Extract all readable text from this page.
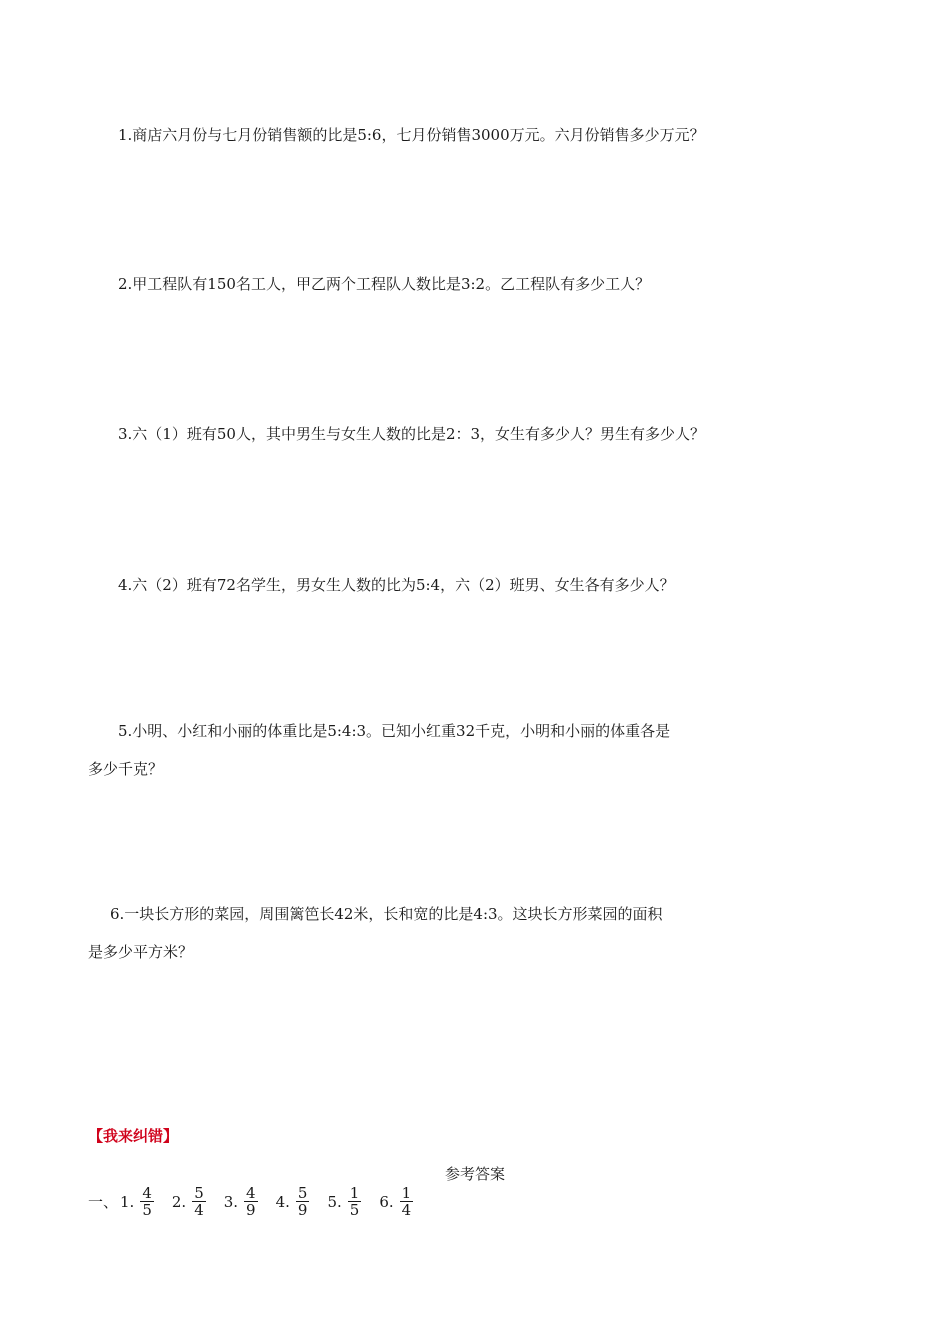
1.商店六月份与七月份销售额的比是5:6，七月份销售3000万元。六月份销售多少万元？
2.甲工程队有150名工人，甲乙两个工程队人数比是3:2。乙工程队有多少工人？
3.六（1）班有50人，其中男生与女生人数的比是2：3，女生有多少人？男生有多少人？
4.六（2）班有72名学生，男女生人数的比为5:4，六（2）班男、女生各有多少人？
5.小明、小红和小丽的体重比是5:4:3。已知小红重32千克，小明和小丽的体重各是
多少千克？
6.一块长方形的菜园，周围篱笆长42米，长和宽的比是4:3。这块长方形菜园的面积
是多少平方米？
【我来纠错】
参考答案
一、 1. $\frac{4}{5} 2$. $\frac{5}{4} 3$. $\frac{4}{9} 4$. $\frac{5}{9} 5$. $\frac{1}{5} 6$. $\frac{1}{4}$
